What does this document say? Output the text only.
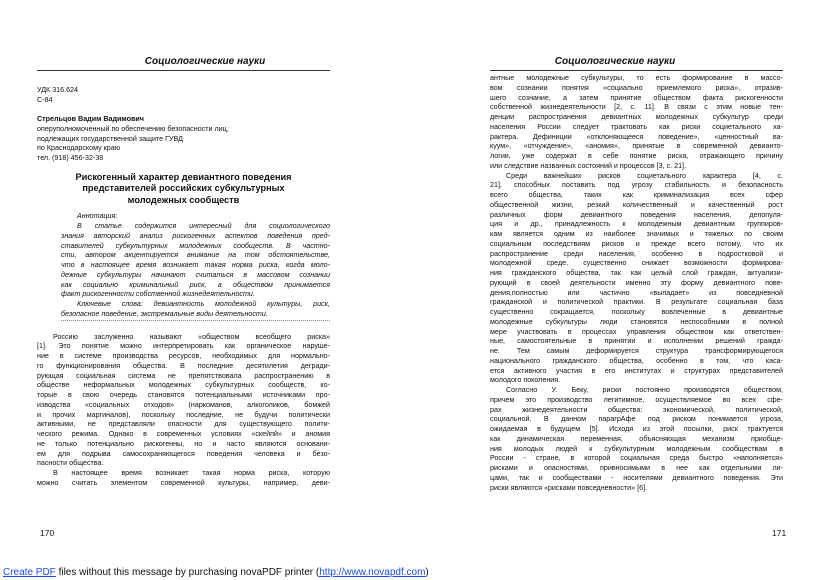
Социологические науки
УДК 316.624
С-84
Стрельцов Вадим Вадимович
оперуполномоченный по обеспечению безопасности лиц,
подлежащих государственной защите ГУВД
по Краснодарскому краю
тел. (918) 456-32-38
Рискогенный характер девиантного поведения
представителей российских субкультурных
молодежных сообществ
Аннотация:
В статье содержится интересный для социологического
знания авторский анализ рискогенных аспектов поведения пред-
ставителей субкультурных молодежных сообществ. В частно-
сти, автором акцентируется внимание на том обстоятельстве,
что в настоящее время возникает такая норма риска, когда моло-
дежные субкультуры начинают считаться в массовом сознании
как социально криминальный риск, а обществом принимается
факт рискогенности собственной жизнедеятельности.
Ключевые слова: девиантность молодежной культуры, риск,
безопасное поведение, экстремальные виды деятельности.
Россию заслуженно называют «обществом всеобщего риска»
[1]. Это понятие можно интерпретировать как органическое наруше-
ние в системе производства ресурсов, необходимых для нормально-
го функционирования общества. В последние десятилетия дегради-
рующая социальная система не препятствовала распространению в
обществе неформальных молодежных субкультурных сообществ, ко-
торые в свою очередь становятся потенциальными источниками про-
изводства «социальных отходов» (наркоманов, алкоголиков, бомжей
и прочих маргиналов), поскольку последние, не будучи политически
активными, не представляли опасности для существующего полити-
ческого режима. Однако в современных условиях «скейпй» и аномия
не только потенциально рискогенны, но и часто являются основани-
ем для подрыва самосохраняющегося поведения человека и безо-
пасности общества.
В настоящее время возникает такая норма риска, которую
можно считать элементом современной культуры, например, деви-
170
Социологические науки
антные молодежные субкультуры, то есть формирование в массо-
вом сознании понятия «социально приемлемого риска», отразив-
шего сознание, а затем принятие обществом факта рискогенности
собственной жизнедеятельности [2, с. 11]. В связи с этим новые тен-
денции распространения девиантных молодежных субкультур среди
населения России следует трактовать как риски социетального ха-
рактера. Дефиниции «отклоняющееся поведение», «ценностный ва-
куум», «отчуждение», «аномия», принятые в современной девианто-
логии, уже содержат в себе понятие риска, отражающего причину
или следствие названных состояний и процессов [3, с. 21].
Среди важнейших рисков социетального характера [4, с.
21], способных поставить под угрозу стабильность и безопасность
всего общества, таких как криминализация всех сфер
общественной жизни, резкий количественный и качественный рост
различных форм девиантного поведения населения, депопуля-
ция и др., принадлежность к молодежным девиантным группиров-
кам является одним из наиболее значимых и тяжелых по своим
социальным последствиям рисков и прежде всего потому, что их
распространение среди населения, особенно в подростковой и
молодежной среде, существенно снижает возможности формирова-
ния гражданского общества, так как целый слой граждан, актуализи-
рующий в своей деятельности именно эту форму девиантного пове-
дения,полностью или частично «выпадает» из повседневной
гражданской и политической практики. В результате социальная база
существенно сокращается, поскольку вовлеченные в девиантные
молодежные субкультуры люди становятся неспособными в полной
мере участвовать в процессах управления обществом как ответствен-
ные, самостоятельные в принятии и исполнении решений гражда-
не. Тем самым деформируется структура трансформирующегося
национального гражданского общества, особенно в том, что каса-
ется активного участия в его институтах и структурах представителей
молодого поколения.
Согласно У. Беку, риски постоянно производятся обществом,
причем это производство легитимное, осуществляемое во всех сфе-
рах жизнедеятельности общества: экономической, политической,
социальной. В данном парагрАфе под риском понимается угроза,
ожидаемая в будущем [5]. Исходя из этой посылки, риск трактуется
как динамическая переменная, объясняющая механизм приобще-
ния молодых людей к субкультурным молодежным сообществам в
России - стране, в которой социальная среда быстро «наполняется»
рисками и опасностями, привносимыми в нее как отдельными ли-
цами, так и сообществами - носителями девиантного поведения. Эти
риски являются «рисками повседневности» [6].
171
Create PDF files without this message by purchasing novaPDF printer (http://www.novapdf.com)
